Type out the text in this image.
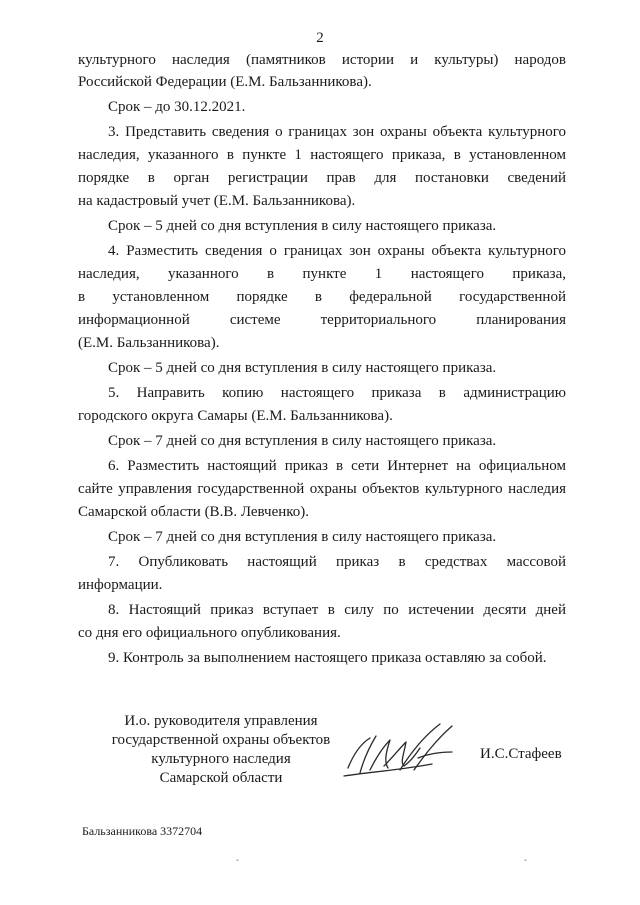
2
культурного наследия (памятников истории и культуры) народов
Российской Федерации (Е.М. Бальзанникова).
Срок – до 30.12.2021.
3. Представить сведения о границах зон охраны объекта культурного
наследия, указанного в пункте 1 настоящего приказа, в установленном
порядке в орган регистрации прав для постановки сведений
на кадастровый учет (Е.М. Бальзанникова).
Срок – 5 дней со дня вступления в силу настоящего приказа.
4. Разместить сведения о границах зон охраны объекта культурного
наследия, указанного в пункте 1 настоящего приказа,
в установленном порядке в федеральной государственной
информационной системе территориального планирования
(Е.М. Бальзанникова).
Срок – 5 дней со дня вступления в силу настоящего приказа.
5. Направить копию настоящего приказа в администрацию
городского округа Самары (Е.М. Бальзанникова).
Срок – 7 дней со дня вступления в силу настоящего приказа.
6. Разместить настоящий приказ в сети Интернет на официальном
сайте управления государственной охраны объектов культурного наследия
Самарской области (В.В. Левченко).
Срок – 7 дней со дня вступления в силу настоящего приказа.
7. Опубликовать настоящий приказ в средствах массовой
информации.
8. Настоящий приказ вступает в силу по истечении десяти дней
со дня его официального опубликования.
9. Контроль за выполнением настоящего приказа оставляю за собой.
И.о. руководителя управления
государственной охраны объектов
культурного наследия
Самарской области
И.С.Стафеев
Бальзанникова 3372704
˘	˘
